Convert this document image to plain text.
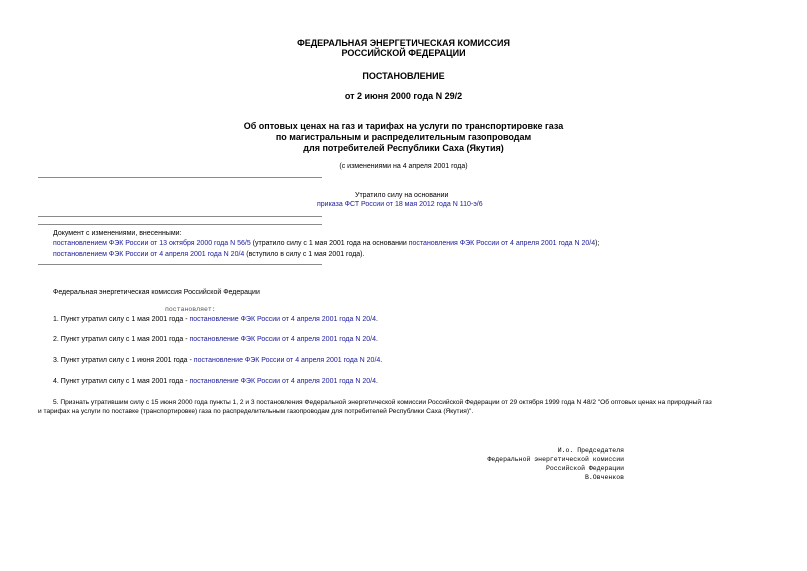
ФЕДЕРАЛЬНАЯ ЭНЕРГЕТИЧЕСКАЯ КОМИССИЯ
РОССИЙСКОЙ ФЕДЕРАЦИИ
ПОСТАНОВЛЕНИЕ
от 2 июня 2000 года N 29/2
Об оптовых ценах на газ и тарифах на услуги по транспортировке газа
по магистральным и распределительным газопроводам
для потребителей Республики Саха (Якутия)
(с изменениями на 4 апреля 2001 года)
Утратило силу на основании
приказа ФСТ России от 18 мая 2012 года N 110-э/6
Документ с изменениями, внесенными:
постановлением ФЭК России от 13 октября 2000 года N 56/5 (утратило силу с 1 мая 2001 года на основании постановления ФЭК России от 4 апреля 2001 года N 20/4);
постановлением ФЭК России от 4 апреля 2001 года N 20/4 (вступило в силу с 1 мая 2001 года).
Федеральная энергетическая комиссия Российской Федерации
постановляет:
1. Пункт утратил силу с 1 мая 2001 года - постановление ФЭК России от 4 апреля 2001 года N 20/4.
2. Пункт утратил силу с 1 мая 2001 года - постановление ФЭК России от 4 апреля 2001 года N 20/4.
3. Пункт утратил силу с 1 июня 2001 года - постановление ФЭК России от 4 апреля 2001 года N 20/4.
4. Пункт утратил силу с 1 мая 2001 года - постановление ФЭК России от 4 апреля 2001 года N 20/4.
5. Признать утратившим силу с 15 июня 2000 года пункты 1, 2 и 3 постановления Федеральной энергетической комиссии Российской Федерации от 29 октября 1999 года N 48/2 "Об оптовых ценах на природный газ
и тарифах на услуги по поставке (транспортировке) газа по распределительным газопроводам для потребителей Республики Саха (Якутия)".
И.о. Председателя
Федеральной энергетической комиссии
Российской Федерации
В.Овченков
